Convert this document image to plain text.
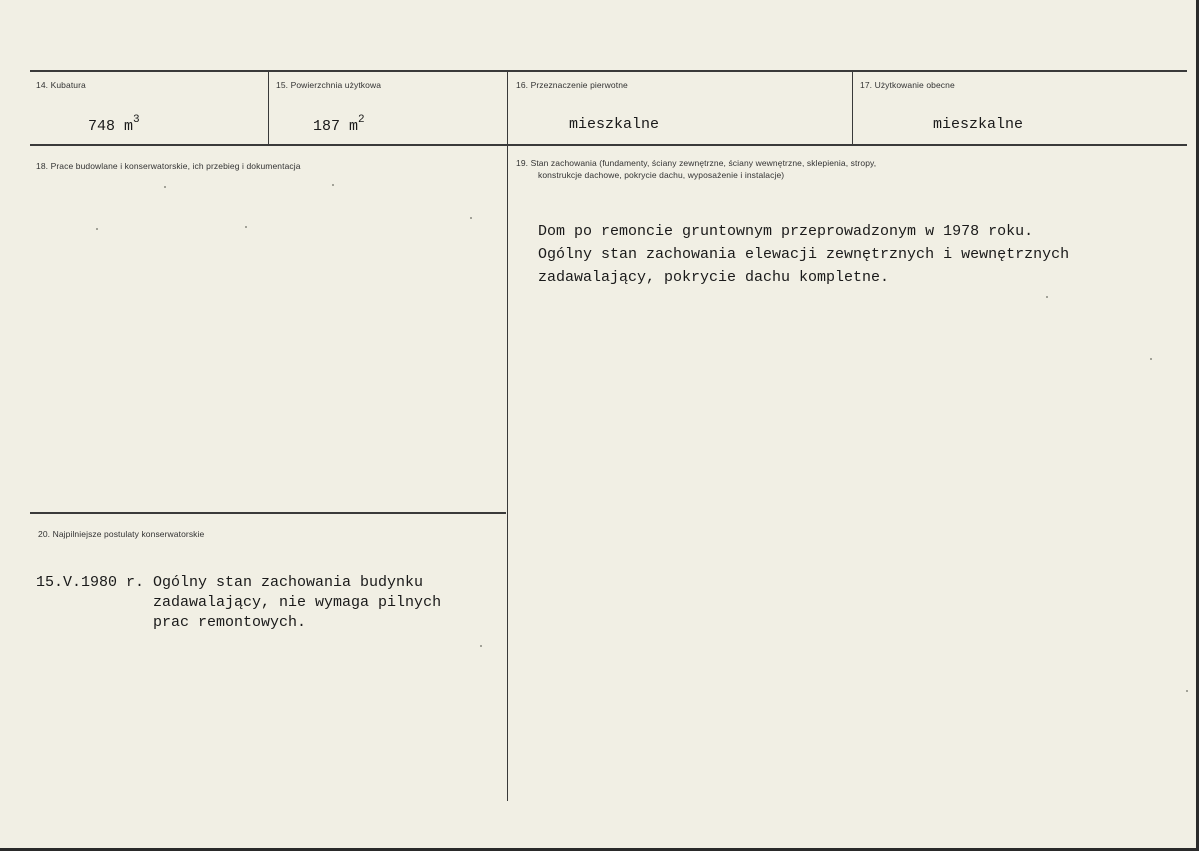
14. Kubatura
748 $m^3$
15. Powierzchnia użytkowa
187 $m^2$
16. Przeznaczenie pierwotne
mieszkalne
17. Użytkowanie obecne
mieszkalne
18. Prace budowlane i konserwatorskie, ich przebieg i dokumentacja	19. Stan zachowania (fundamenty, ściany zewnętrzne, ściany wewnętrzne, sklepienia, stropy,
konstrukcje dachowe, pokrycie dachu, wyposażenie i instalacje)
Dom po remoncie gruntownym przeprowadzonym w 1978 roku.
Ogólny stan zachowania elewacji zewnętrznych i wewnętrznych
zadawalający, pokrycie dachu kompletne.
20. Najpilniejsze postulaty konserwatorskie
15.V.1980 r. Ogólny stan zachowania budynku
zadawalający, nie wymaga pilnych
prac remontowych.
